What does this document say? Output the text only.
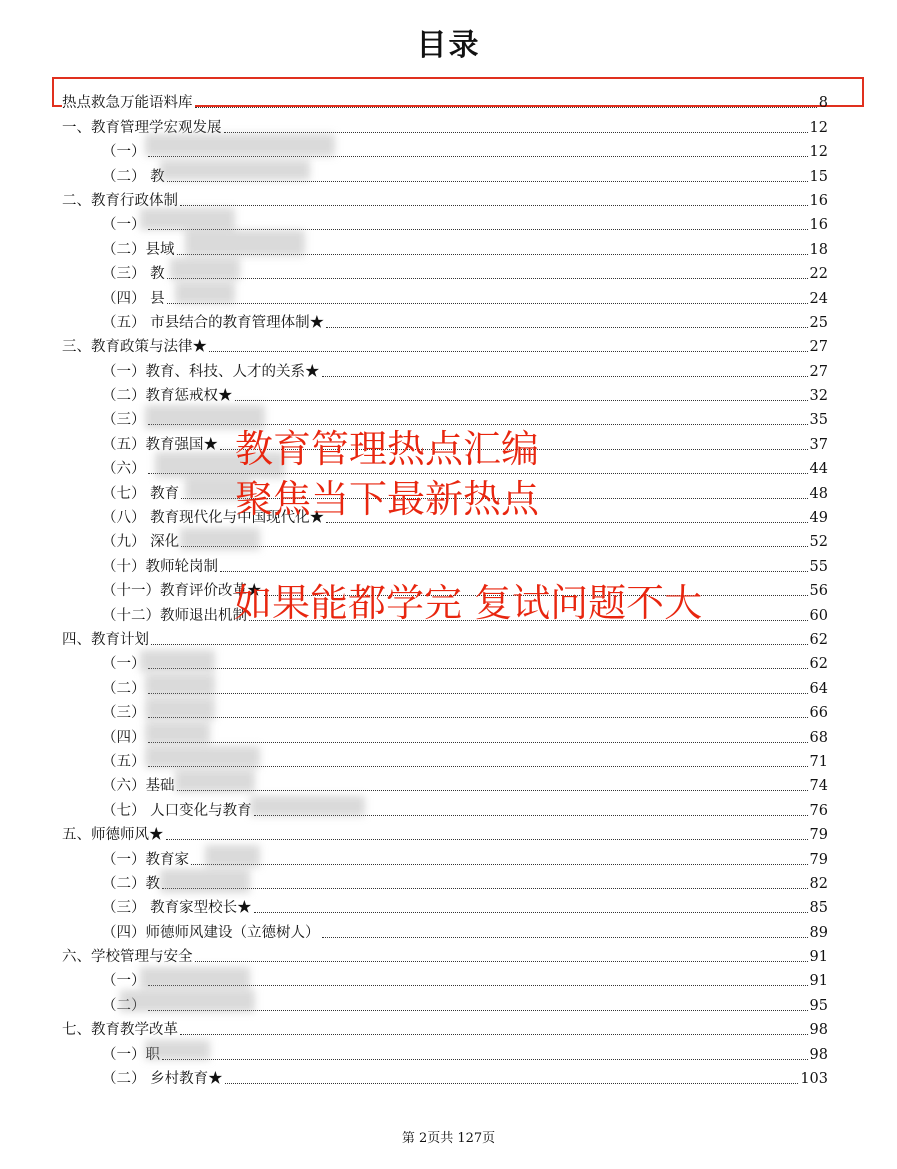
目录
热点救急万能语料库	8
一、教育管理学宏观发展	12
（一）	12
（二） 教	15
二、教育行政体制	16
（一）	16
（二）县域	18
（三） 教	22
（四） 县	24
（五） 市县结合的教育管理体制★	25
三、教育政策与法律★	27
（一）教育、科技、人才的关系★	27
（二）教育惩戒权★	32
（三）	35
（五）教育强国★	37
（六）	44
（七） 教育	48
（八） 教育现代化与中国现代化★	49
（九） 深化	52
（十）教师轮岗制	55
（十一）教育评价改革★	56
（十二）教师退出机制	60
四、教育计划	62
（一）	62
（二）	64
（三）	66
（四）	68
（五）	71
（六）基础	74
（七） 人口变化与教育	76
五、师德师风★	79
（一）教育家	79
（二）教	82
（三） 教育家型校长★	85
（四）师德师风建设（立德树人）	89
六、学校管理与安全	91
（一）	91
（二）	95
七、教育教学改革	98
（一）职	98
（二） 乡村教育★	103
教育管理热点汇编
聚焦当下最新热点
如果能都学完 复试问题不大
第 2页共 127页
